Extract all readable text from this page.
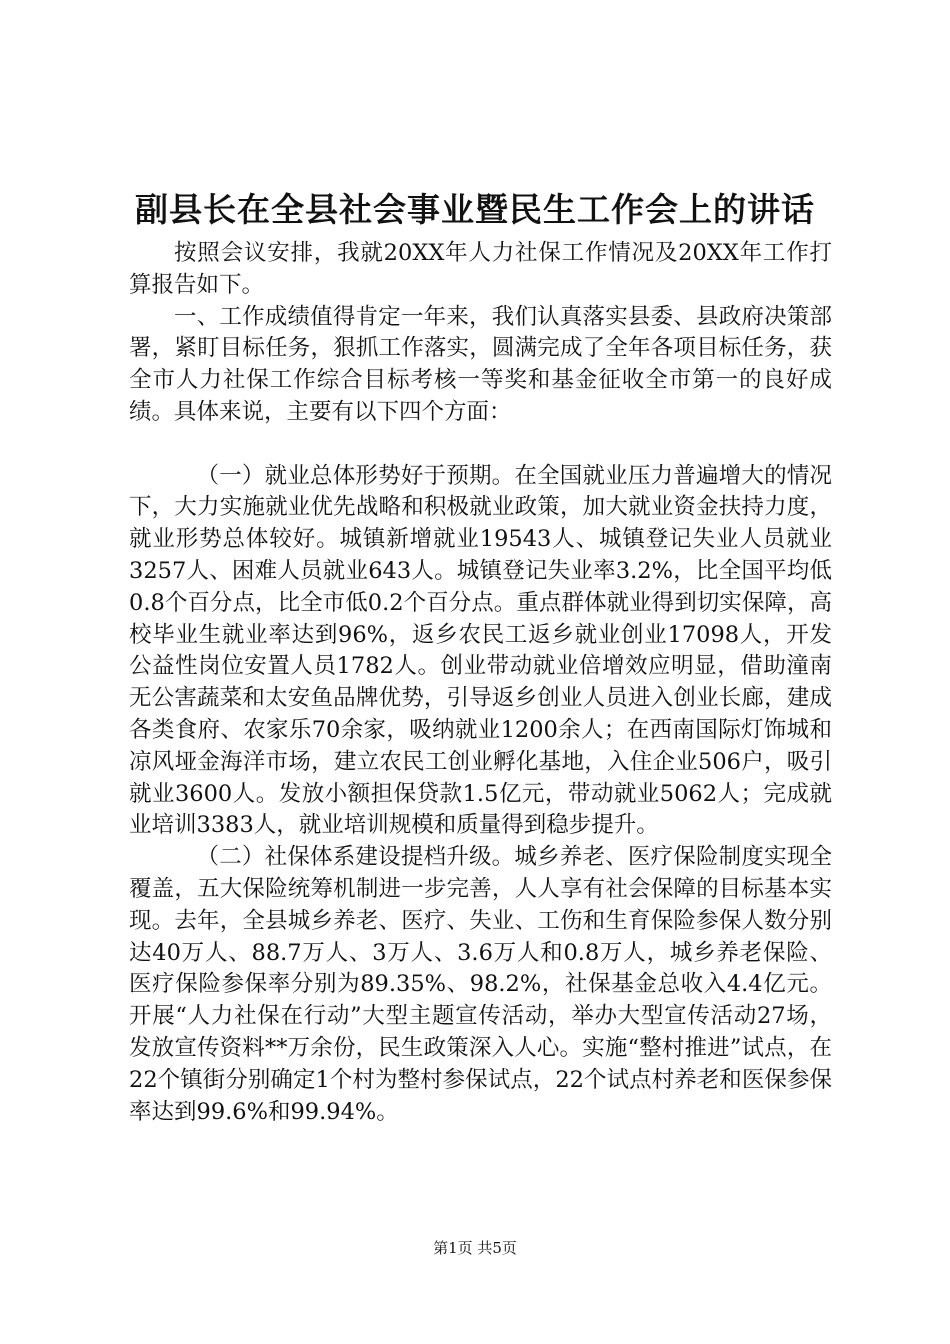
副县长在全县社会事业暨民生工作会上的讲话

按照会议安排，我就20XX年人力社保工作情况及20XX年工作打算报告如下。

一、工作成绩值得肯定一年来，我们认真落实县委、县政府决策部署，紧盯目标任务，狠抓工作落实，圆满完成了全年各项目标任务，获全市人力社保工作综合目标考核一等奖和基金征收全市第一的良好成绩。具体来说，主要有以下四个方面：

（一）就业总体形势好于预期。在全国就业压力普遍增大的情况下，大力实施就业优先战略和积极就业政策，加大就业资金扶持力度，就业形势总体较好。城镇新增就业19543人、城镇登记失业人员就业3257人、困难人员就业643人。城镇登记失业率3.2%，比全国平均低0.8个百分点，比全市低0.2个百分点。重点群体就业得到切实保障，高校毕业生就业率达到96%，返乡农民工返乡就业创业17098人，开发公益性岗位安置人员1782人。创业带动就业倍增效应明显，借助潼南无公害蔬菜和太安鱼品牌优势，引导返乡创业人员进入创业长廊，建成各类食府、农家乐70余家，吸纳就业1200余人；在西南国际灯饰城和凉风垭金海洋市场，建立农民工创业孵化基地，入住企业506户，吸引就业3600人。发放小额担保贷款1.5亿元，带动就业5062人；完成就业培训3383人，就业培训规模和质量得到稳步提升。

（二）社保体系建设提档升级。城乡养老、医疗保险制度实现全覆盖，五大保险统筹机制进一步完善，人人享有社会保障的目标基本实现。去年，全县城乡养老、医疗、失业、工伤和生育保险参保人数分别达40万人、88.7万人、3万人、3.6万人和0.8万人，城乡养老保险、医疗保险参保率分别为89.35%、98.2%，社保基金总收入4.4亿元。开展“人力社保在行动”大型主题宣传活动，举办大型宣传活动27场，发放宣传资料**万余份，民生政策深入人心。实施“整村推进”试点，在22个镇街分别确定1个村为整村参保试点，22个试点村养老和医保参保率达到99.6%和99.94%。

第1页 共5页
